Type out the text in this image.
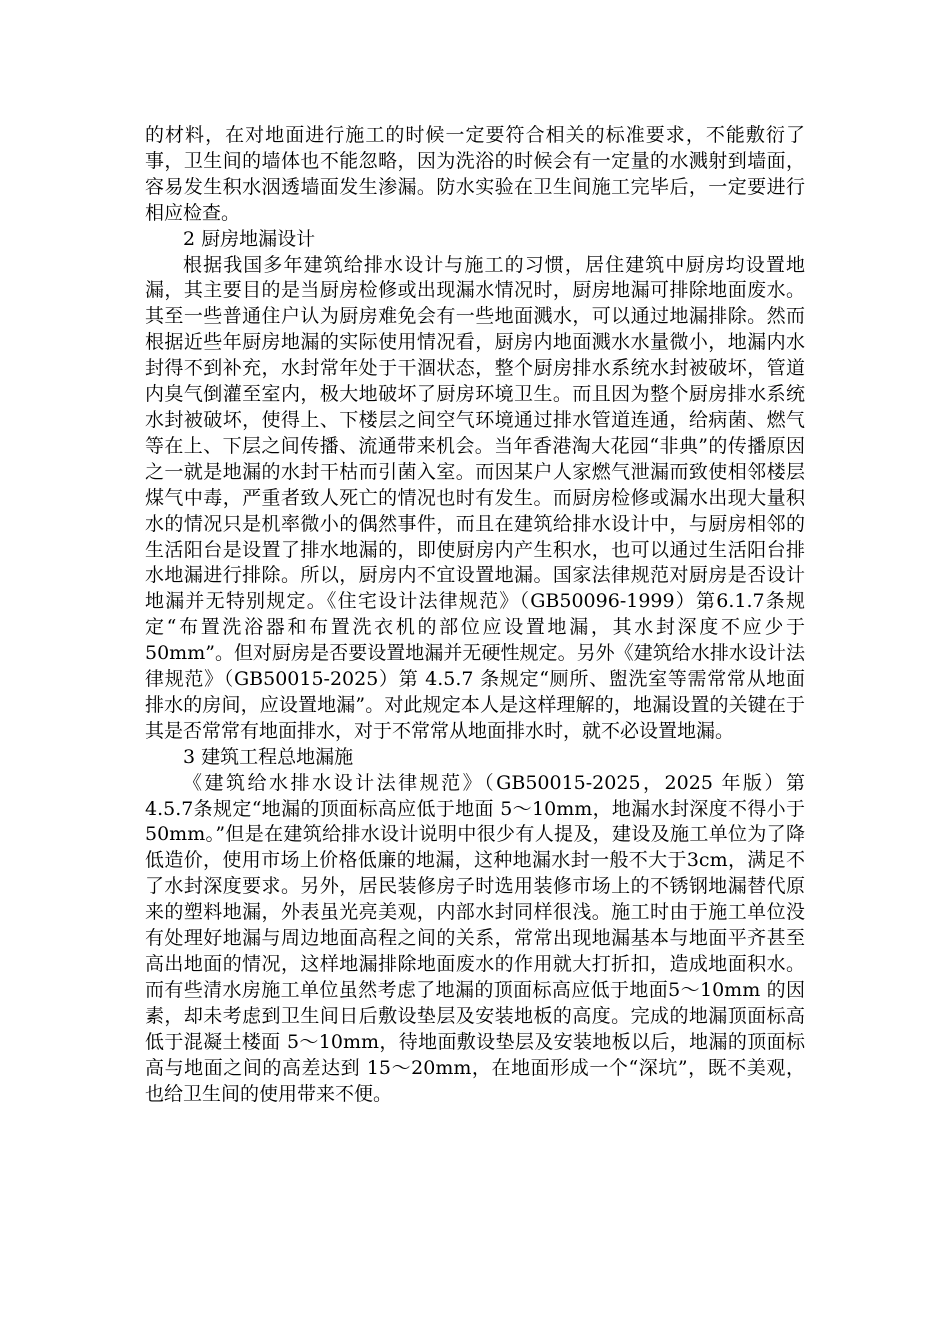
的材料，在对地面进行施工的时候一定要符合相关的标准要求，不能敷衍了事，卫生间的墙体也不能忽略，因为洗浴的时候会有一定量的水溅射到墙面，容易发生积水洇透墙面发生渗漏。防水实验在卫生间施工完毕后，一定要进行相应检查。

2 厨房地漏设计

根据我国多年建筑给排水设计与施工的习惯，居住建筑中厨房均设置地漏，其主要目的是当厨房检修或出现漏水情况时，厨房地漏可排除地面废水。其至一些普通住户认为厨房难免会有一些地面溅水，可以通过地漏排除。然而根据近些年厨房地漏的实际使用情况看，厨房内地面溅水水量微小，地漏内水封得不到补充，水封常年处于干涸状态，整个厨房排水系统水封被破坏，管道内臭气倒灌至室内，极大地破坏了厨房环境卫生。而且因为整个厨房排水系统水封被破坏，使得上、下楼层之间空气环境通过排水管道连通，给病菌、燃气等在上、下层之间传播、流通带来机会。当年香港淘大花园“非典”的传播原因之一就是地漏的水封干枯而引菌入室。而因某户人家燃气泄漏而致使相邻楼层煤气中毒，严重者致人死亡的情况也时有发生。而厨房检修或漏水出现大量积水的情况只是机率微小的偶然事件，而且在建筑给排水设计中，与厨房相邻的生活阳台是设置了排水地漏的，即使厨房内产生积水，也可以通过生活阳台排水地漏进行排除。所以，厨房内不宜设置地漏。国家法律规范对厨房是否设计地漏并无特别规定。《住宅设计法律规范》（GB50096-1999）第6.1.7条规定“布置洗浴器和布置洗衣机的部位应设置地漏，其水封深度不应少于50mm”。但对厨房是否要设置地漏并无硬性规定。另外《建筑给水排水设计法律规范》（GB50015-2025）第 4.5.7 条规定“厕所、盥洗室等需常常从地面排水的房间，应设置地漏”。对此规定本人是这样理解的，地漏设置的关键在于其是否常常有地面排水，对于不常常从地面排水时，就不必设置地漏。

3 建筑工程总地漏施

《建筑给水排水设计法律规范》（GB50015-2025，2025 年版）第 4.5.7条规定“地漏的顶面标高应低于地面 5～10mm，地漏水封深度不得小于50mm。”但是在建筑给排水设计说明中很少有人提及，建设及施工单位为了降低造价，使用市场上价格低廉的地漏，这种地漏水封一般不大于3cm，满足不了水封深度要求。另外，居民装修房子时选用装修市场上的不锈钢地漏替代原来的塑料地漏，外表虽光亮美观，内部水封同样很浅。施工时由于施工单位没有处理好地漏与周边地面高程之间的关系，常常出现地漏基本与地面平齐甚至高出地面的情况，这样地漏排除地面废水的作用就大打折扣，造成地面积水。而有些清水房施工单位虽然考虑了地漏的顶面标高应低于地面5～10mm 的因素，却未考虑到卫生间日后敷设垫层及安装地板的高度。完成的地漏顶面标高低于混凝土楼面 5～10mm，待地面敷设垫层及安装地板以后，地漏的顶面标高与地面之间的高差达到 15～20mm，在地面形成一个“深坑”，既不美观，也给卫生间的使用带来不便。
